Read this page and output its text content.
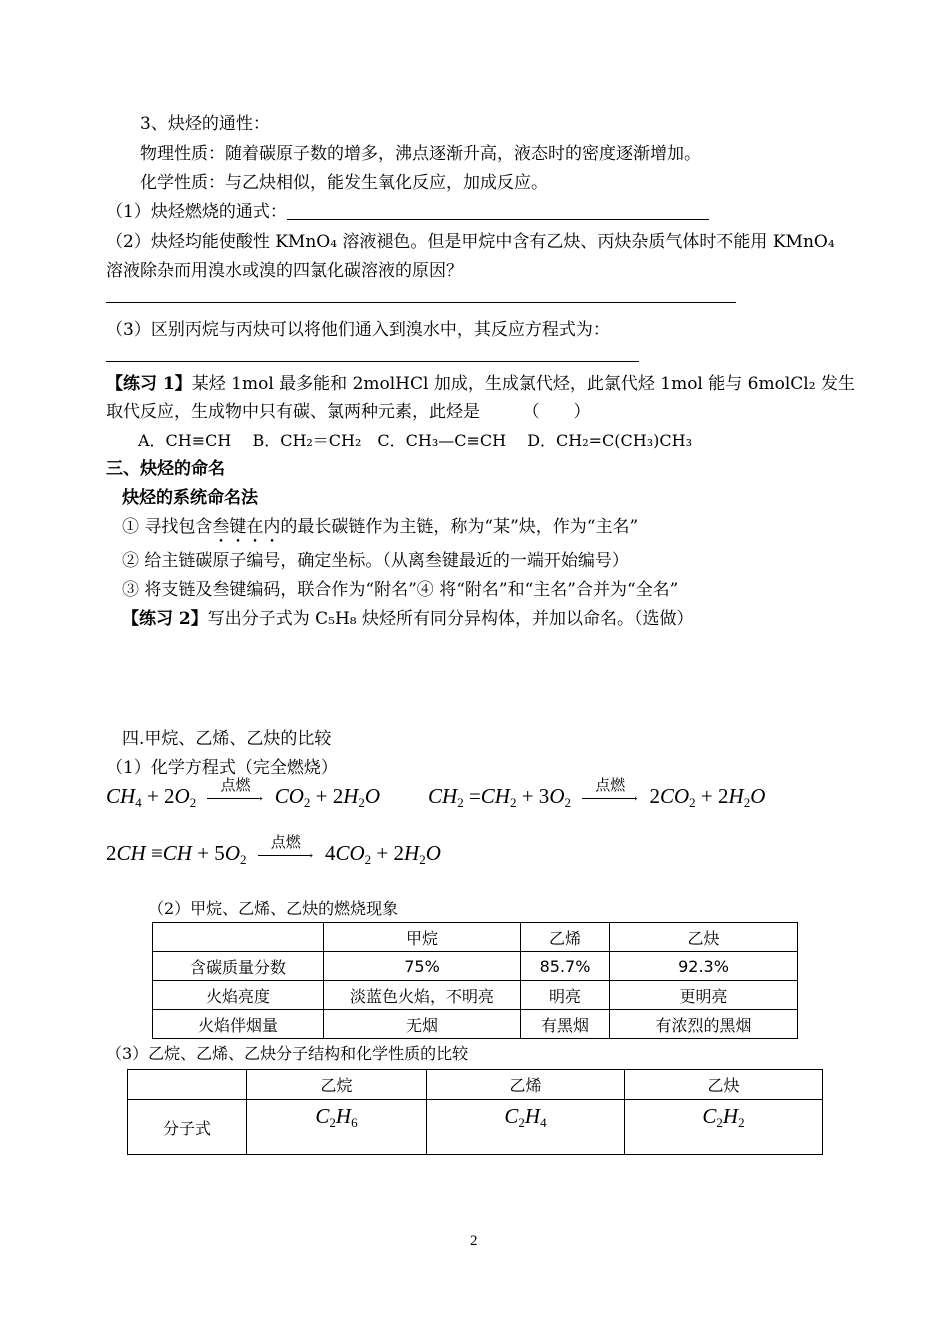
3、炔烃的通性：
物理性质：随着碳原子数的增多，沸点逐渐升高，液态时的密度逐渐增加。
化学性质：与乙炔相似，能发生氧化反应，加成反应。
（1）炔烃燃烧的通式：
（2）炔烃均能使酸性 KMnO₄ 溶液褪色。但是甲烷中含有乙炔、丙炔杂质气体时不能用 KMnO₄
溶液除杂而用溴水或溴的四氯化碳溶液的原因？
（3）区别丙烷与丙炔可以将他们通入到溴水中，其反应方程式为：
【练习 1】某烃 1mol 最多能和 2molHCl 加成，生成氯代烃，此氯代烃 1mol 能与 6molCl₂ 发生
取代反应，生成物中只有碳、氯两种元素，此烃是　　　（　　）
A．CH≡CH　 B．CH₂＝CH₂　C．CH₃—C≡CH　 D．CH₂=C(CH₃)CH₃
三、炔烃的命名
炔烃的系统命名法
① 寻找包含叁键在内的最长碳链作为主链，称为“某”炔，作为“主名”
② 给主链碳原子编号，确定坐标。（从离叁键最近的一端开始编号）
③ 将支链及叁键编码，联合作为“附名”④ 将“附名”和“主名”合并为“全名”
【练习 2】写出分子式为 C₅H₈ 炔烃所有同分异构体，并加以命名。（选做）
四.甲烷、乙烯、乙炔的比较
（1）化学方程式（完全燃烧）
$CH_4 + 2O_2$
点燃
→ $CO_2 + 2H_2O$ $CH_2 =CH_2 + 3O_2$
点燃
→ $2CO_2 + 2H_2O$
$2CH \equiv CH + 5O_2$
点燃
→ $4CO_2 + 2H_2O$
（2）甲烷、乙烯、乙炔的燃烧现象
	甲烷	乙烯	乙炔
含碳质量分数	75%	85.7%	92.3%
火焰亮度	淡蓝色火焰，不明亮	明亮	更明亮
火焰伴烟量	无烟	有黑烟	有浓烈的黑烟
（3）乙烷、乙烯、乙炔分子结构和化学性质的比较
	乙烷	乙烯	乙炔
分子式	$C_2H_6$	$C_2H_4$	$C_2H_2$
2
